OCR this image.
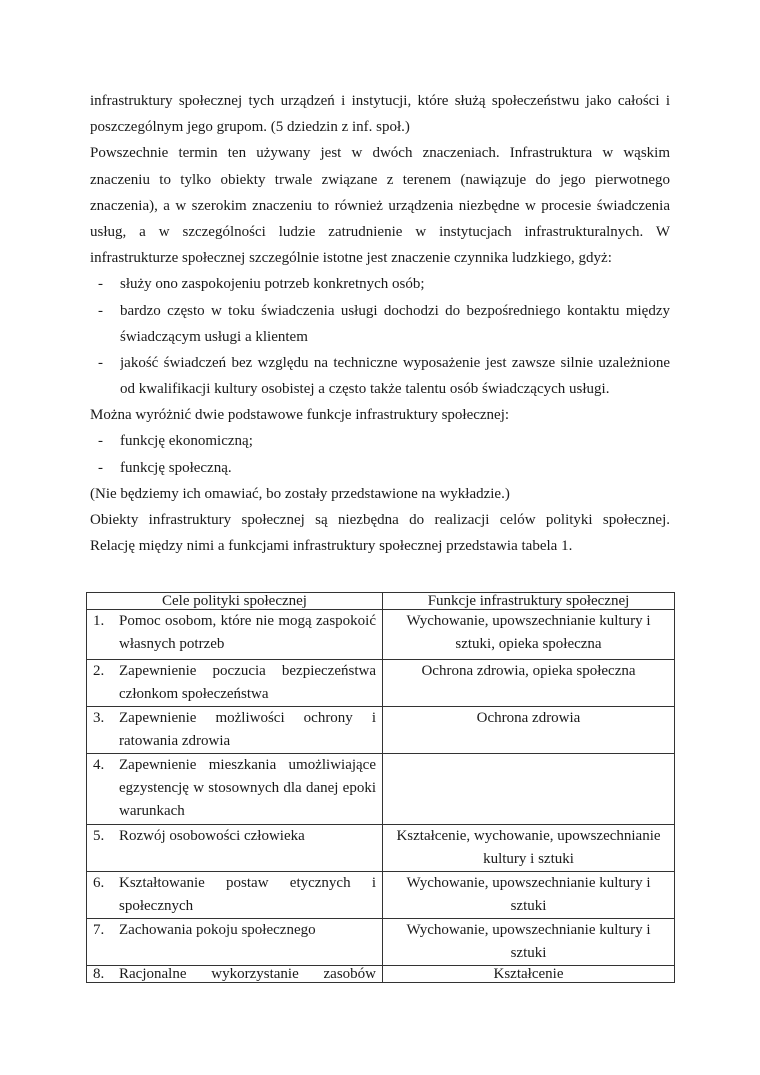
infrastruktury społecznej tych urządzeń i instytucji, które służą społeczeństwu jako całości i
poszczególnym jego grupom. (5 dziedzin z inf. społ.)
Powszechnie termin ten używany jest w dwóch znaczeniach. Infrastruktura w wąskim
znaczeniu to tylko obiekty trwale związane z terenem (nawiązuje do jego pierwotnego
znaczenia), a w szerokim znaczeniu to również urządzenia niezbędne w procesie świadczenia
usług, a w szczególności ludzie zatrudnienie w instytucjach infrastrukturalnych. W
infrastrukturze społecznej szczególnie istotne jest znaczenie czynnika ludzkiego, gdyż:
- służy ono zaspokojeniu potrzeb konkretnych osób;
- bardzo często w toku świadczenia usługi dochodzi do bezpośredniego kontaktu między
świadczącym usługi a klientem
- jakość świadczeń bez względu na techniczne wyposażenie jest zawsze silnie uzależnione
od kwalifikacji kultury osobistej a często także talentu osób świadczących usługi.
Można wyróżnić dwie podstawowe funkcje infrastruktury społecznej:
- funkcję ekonomiczną;
- funkcję społeczną.
(Nie będziemy ich omawiać, bo zostały przedstawione na wykładzie.)
Obiekty infrastruktury społecznej są niezbędna do realizacji celów polityki społecznej.
Relację między nimi a funkcjami infrastruktury społecznej przedstawia tabela 1.
Cele polityki społecznej	Funkcje infrastruktury społecznej

1. Pomoc osobom, które nie mogą zaspokoić własnych potrzeb	Wychowanie, upowszechnianie kultury i sztuki, opieka społeczna

2. Zapewnienie poczucia bezpieczeństwa członkom społeczeństwa	Ochrona zdrowia, opieka społeczna

3. Zapewnienie możliwości ochrony i ratowania zdrowia	Ochrona zdrowia

4. Zapewnienie mieszkania umożliwiające egzystencję w stosownych dla danej epoki warunkach	

5. Rozwój osobowości człowieka	Kształcenie, wychowanie, upowszechnianie kultury i sztuki

6. Kształtowanie postaw etycznych i społecznych	Wychowanie, upowszechnianie kultury i sztuki

7. Zachowania pokoju społecznego	Wychowanie, upowszechnianie kultury i sztuki

8. Racjonalne wykorzystanie zasobów	Kształcenie
